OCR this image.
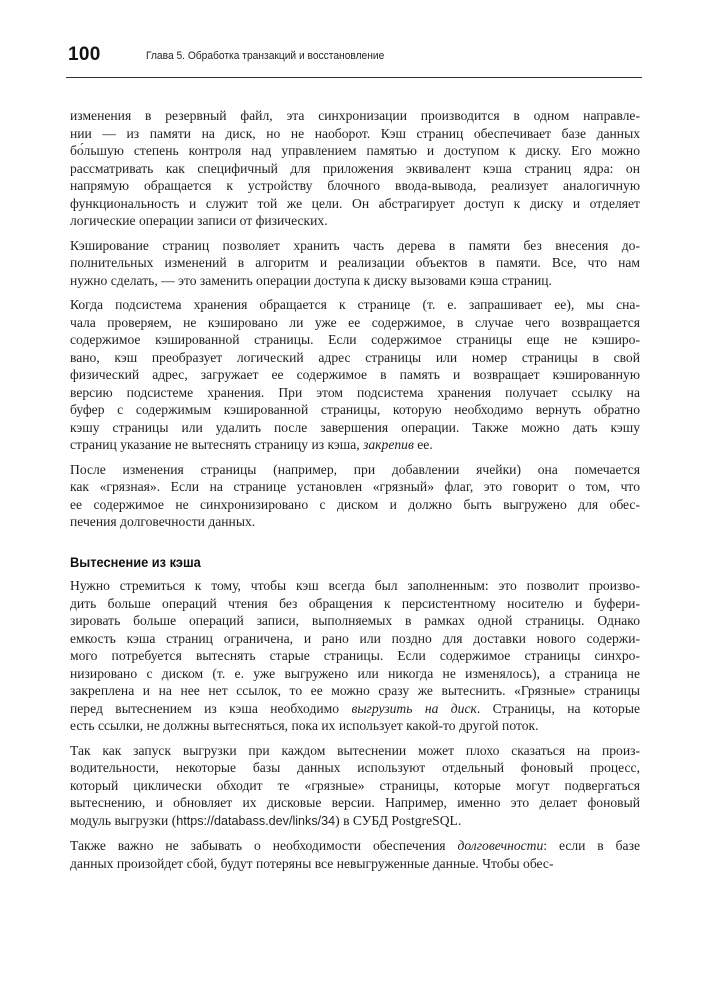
100	Глава 5. Обработка транзакций и восстановление
изменения в резервный файл, эта синхронизации производится в одном направле-
нии — из памяти на диск, но не наоборот. Кэш страниц обеспечивает базе данных
бо́льшую степень контроля над управлением памятью и доступом к диску. Его можно
рассматривать как специфичный для приложения эквивалент кэша страниц ядра: он
напрямую обращается к устройству блочного ввода-вывода, реализует аналогичную
функциональность и служит той же цели. Он абстрагирует доступ к диску и отделяет
логические операции записи от физических.
Кэширование страниц позволяет хранить часть дерева в памяти без внесения до-
полнительных изменений в алгоритм и реализации объектов в памяти. Все, что нам
нужно сделать, — это заменить операции доступа к диску вызовами кэша страниц.
Когда подсистема хранения обращается к странице (т. е. запрашивает ее), мы сна-
чала проверяем, не кэшировано ли уже ее содержимое, в случае чего возвращается
содержимое кэшированной страницы. Если содержимое страницы еще не кэширо-
вано, кэш преобразует логический адрес страницы или номер страницы в свой
физический адрес, загружает ее содержимое в память и возвращает кэшированную
версию подсистеме хранения. При этом подсистема хранения получает ссылку на
буфер с содержимым кэшированной страницы, которую необходимо вернуть обратно
кэшу страницы или удалить после завершения операции. Также можно дать кэшу
страниц указание не вытеснять страницу из кэша, закрепив ее.
После изменения страницы (например, при добавлении ячейки) она помечается
как «грязная». Если на странице установлен «грязный» флаг, это говорит о том, что
ее содержимое не синхронизировано с диском и должно быть выгружено для обес-
печения долговечности данных.
Вытеснение из кэша
Нужно стремиться к тому, чтобы кэш всегда был заполненным: это позволит произво-
дить больше операций чтения без обращения к персистентному носителю и буфери-
зировать больше операций записи, выполняемых в рамках одной страницы. Однако
емкость кэша страниц ограничена, и рано или поздно для доставки нового содержи-
мого потребуется вытеснять старые страницы. Если содержимое страницы синхро-
низировано с диском (т. е. уже выгружено или никогда не изменялось), а страница не
закреплена и на нее нет ссылок, то ее можно сразу же вытеснить. «Грязные» страницы
перед вытеснением из кэша необходимо выгрузить на диск. Страницы, на которые
есть ссылки, не должны вытесняться, пока их использует какой-то другой поток.
Так как запуск выгрузки при каждом вытеснении может плохо сказаться на произ-
водительности, некоторые базы данных используют отдельный фоновый процесс,
который циклически обходит те «грязные» страницы, которые могут подвергаться
вытеснению, и обновляет их дисковые версии. Например, именно это делает фоновый
модуль выгрузки (https://databass.dev/links/34) в СУБД PostgreSQL.
Также важно не забывать о необходимости обеспечения долговечности: если в базе
данных произойдет сбой, будут потеряны все невыгруженные данные. Чтобы обес-
